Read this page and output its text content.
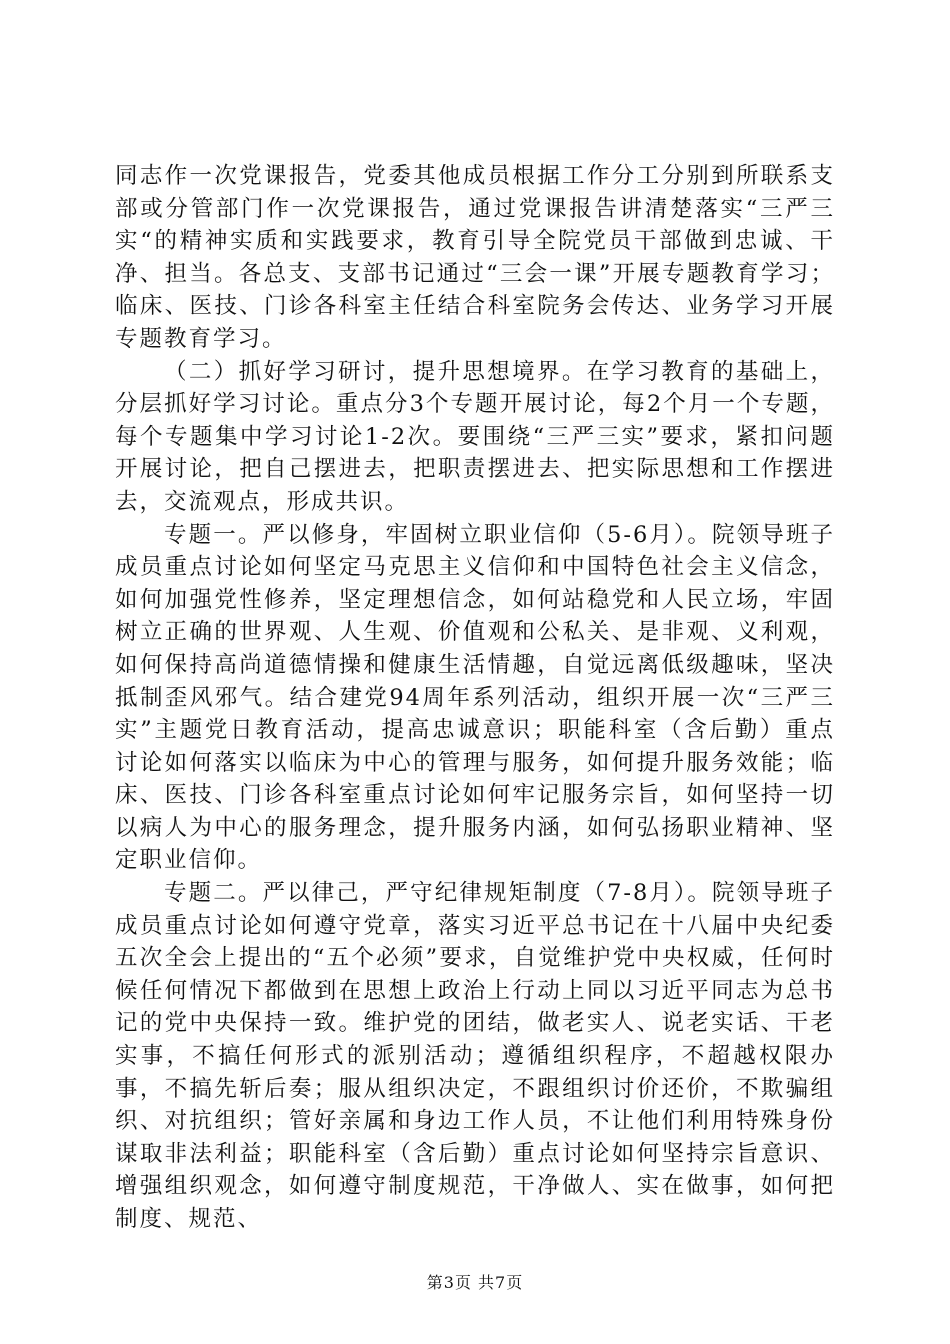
同志作一次党课报告，党委其他成员根据工作分工分别到所联系支部或分管部门作一次党课报告，通过党课报告讲清楚落实“三严三实“的精神实质和实践要求，教育引导全院党员干部做到忠诚、干净、担当。各总支、支部书记通过“三会一课”开展专题教育学习；临床、医技、门诊各科室主任结合科室院务会传达、业务学习开展专题教育学习。

（二）抓好学习研讨，提升思想境界。在学习教育的基础上，分层抓好学习讨论。重点分3个专题开展讨论，每2个月一个专题，每个专题集中学习讨论1-2次。要围绕“三严三实”要求，紧扣问题开展讨论，把自己摆进去，把职责摆进去、把实际思想和工作摆进去，交流观点，形成共识。

专题一。严以修身，牢固树立职业信仰（5-6月）。院领导班子成员重点讨论如何坚定马克思主义信仰和中国特色社会主义信念，如何加强党性修养，坚定理想信念，如何站稳党和人民立场，牢固树立正确的世界观、人生观、价值观和公私关、是非观、义利观，如何保持高尚道德情操和健康生活情趣，自觉远离低级趣味，坚决抵制歪风邪气。结合建党94周年系列活动，组织开展一次“三严三实”主题党日教育活动，提高忠诚意识；职能科室（含后勤）重点讨论如何落实以临床为中心的管理与服务，如何提升服务效能；临床、医技、门诊各科室重点讨论如何牢记服务宗旨，如何坚持一切以病人为中心的服务理念，提升服务内涵，如何弘扬职业精神、坚定职业信仰。

专题二。严以律己，严守纪律规矩制度（7-8月）。院领导班子成员重点讨论如何遵守党章，落实习近平总书记在十八届中央纪委五次全会上提出的“五个必须”要求，自觉维护党中央权威，任何时候任何情况下都做到在思想上政治上行动上同以习近平同志为总书记的党中央保持一致。维护党的团结，做老实人、说老实话、干老实事，不搞任何形式的派别活动；遵循组织程序，不超越权限办事，不搞先斩后奏；服从组织决定，不跟组织讨价还价，不欺骗组织、对抗组织；管好亲属和身边工作人员，不让他们利用特殊身份谋取非法利益；职能科室（含后勤）重点讨论如何坚持宗旨意识、增强组织观念，如何遵守制度规范，干净做人、实在做事，如何把制度、规范、

第3页 共7页
